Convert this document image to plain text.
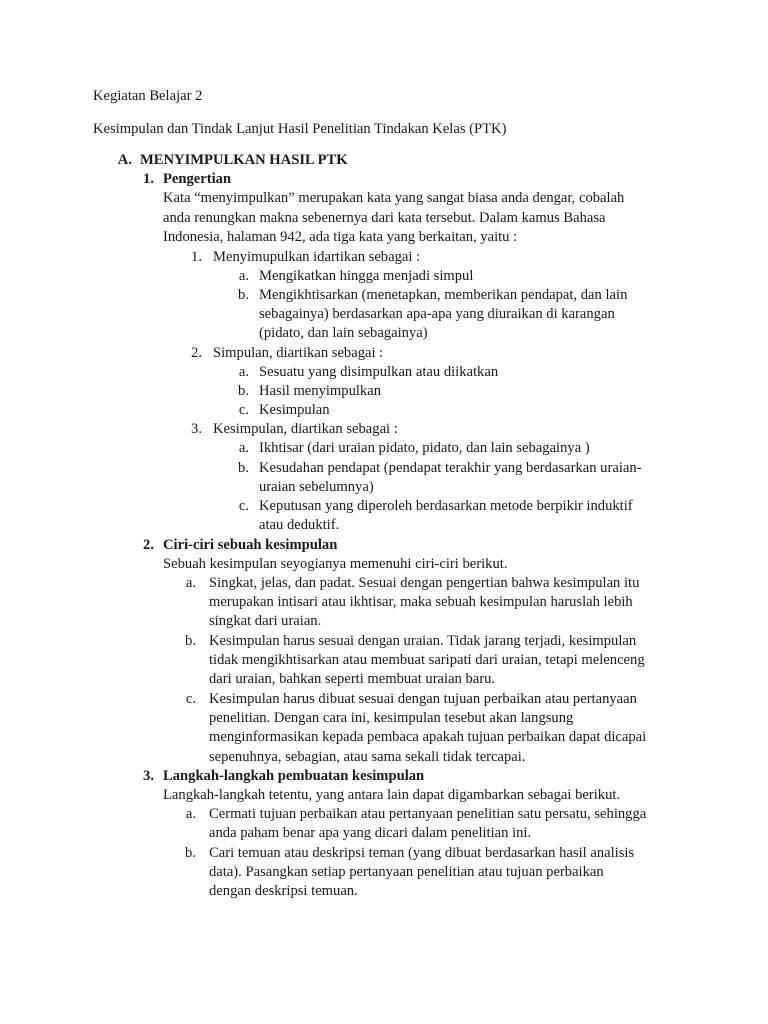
Kegiatan Belajar 2
Kesimpulan dan Tindak Lanjut Hasil Penelitian Tindakan Kelas (PTK)
A. MENYIMPULKAN HASIL PTK
1. Pengertian
Kata “menyimpulkan” merupakan kata yang sangat biasa anda dengar, cobalah
anda renungkan makna sebenernya dari kata tersebut. Dalam kamus Bahasa
Indonesia, halaman 942, ada tiga kata yang berkaitan, yaitu :
1. Menyimupulkan idartikan sebagai :
a. Mengikatkan hingga menjadi simpul
b. Mengikhtisarkan (menetapkan, memberikan pendapat, dan lain
sebagainya) berdasarkan apa-apa yang diuraikan di karangan
(pidato, dan lain sebagainya)
2. Simpulan, diartikan sebagai :
a. Sesuatu yang disimpulkan atau diikatkan
b. Hasil menyimpulkan
c. Kesimpulan
3. Kesimpulan, diartikan sebagai :
a. Ikhtisar (dari uraian pidato, pidato, dan lain sebagainya )
b. Kesudahan pendapat (pendapat terakhir yang berdasarkan uraian-
uraian sebelumnya)
c. Keputusan yang diperoleh berdasarkan metode berpikir induktif
atau deduktif.
2. Ciri-ciri sebuah kesimpulan
Sebuah kesimpulan seyogianya memenuhi ciri-ciri berikut.
a. Singkat, jelas, dan padat. Sesuai dengan pengertian bahwa kesimpulan itu
merupakan intisari atau ikhtisar, maka sebuah kesimpulan haruslah lebih
singkat dari uraian.
b. Kesimpulan harus sesuai dengan uraian. Tidak jarang terjadi, kesimpulan
tidak mengikhtisarkan atau membuat saripati dari uraian, tetapi melenceng
dari uraian, bahkan seperti membuat uraian baru.
c. Kesimpulan harus dibuat sesuai dengan tujuan perbaikan atau pertanyaan
penelitian. Dengan cara ini, kesimpulan tesebut akan langsung
menginformasikan kepada pembaca apakah tujuan perbaikan dapat dicapai
sepenuhnya, sebagian, atau sama sekali tidak tercapai.
3. Langkah-langkah pembuatan kesimpulan
Langkah-langkah tetentu, yang antara lain dapat digambarkan sebagai berikut.
a. Cermati tujuan perbaikan atau pertanyaan penelitian satu persatu, sehingga
anda paham benar apa yang dicari dalam penelitian ini.
b. Cari temuan atau deskripsi teman (yang dibuat berdasarkan hasil analisis
data). Pasangkan setiap pertanyaan penelitian atau tujuan perbaikan
dengan deskripsi temuan.
